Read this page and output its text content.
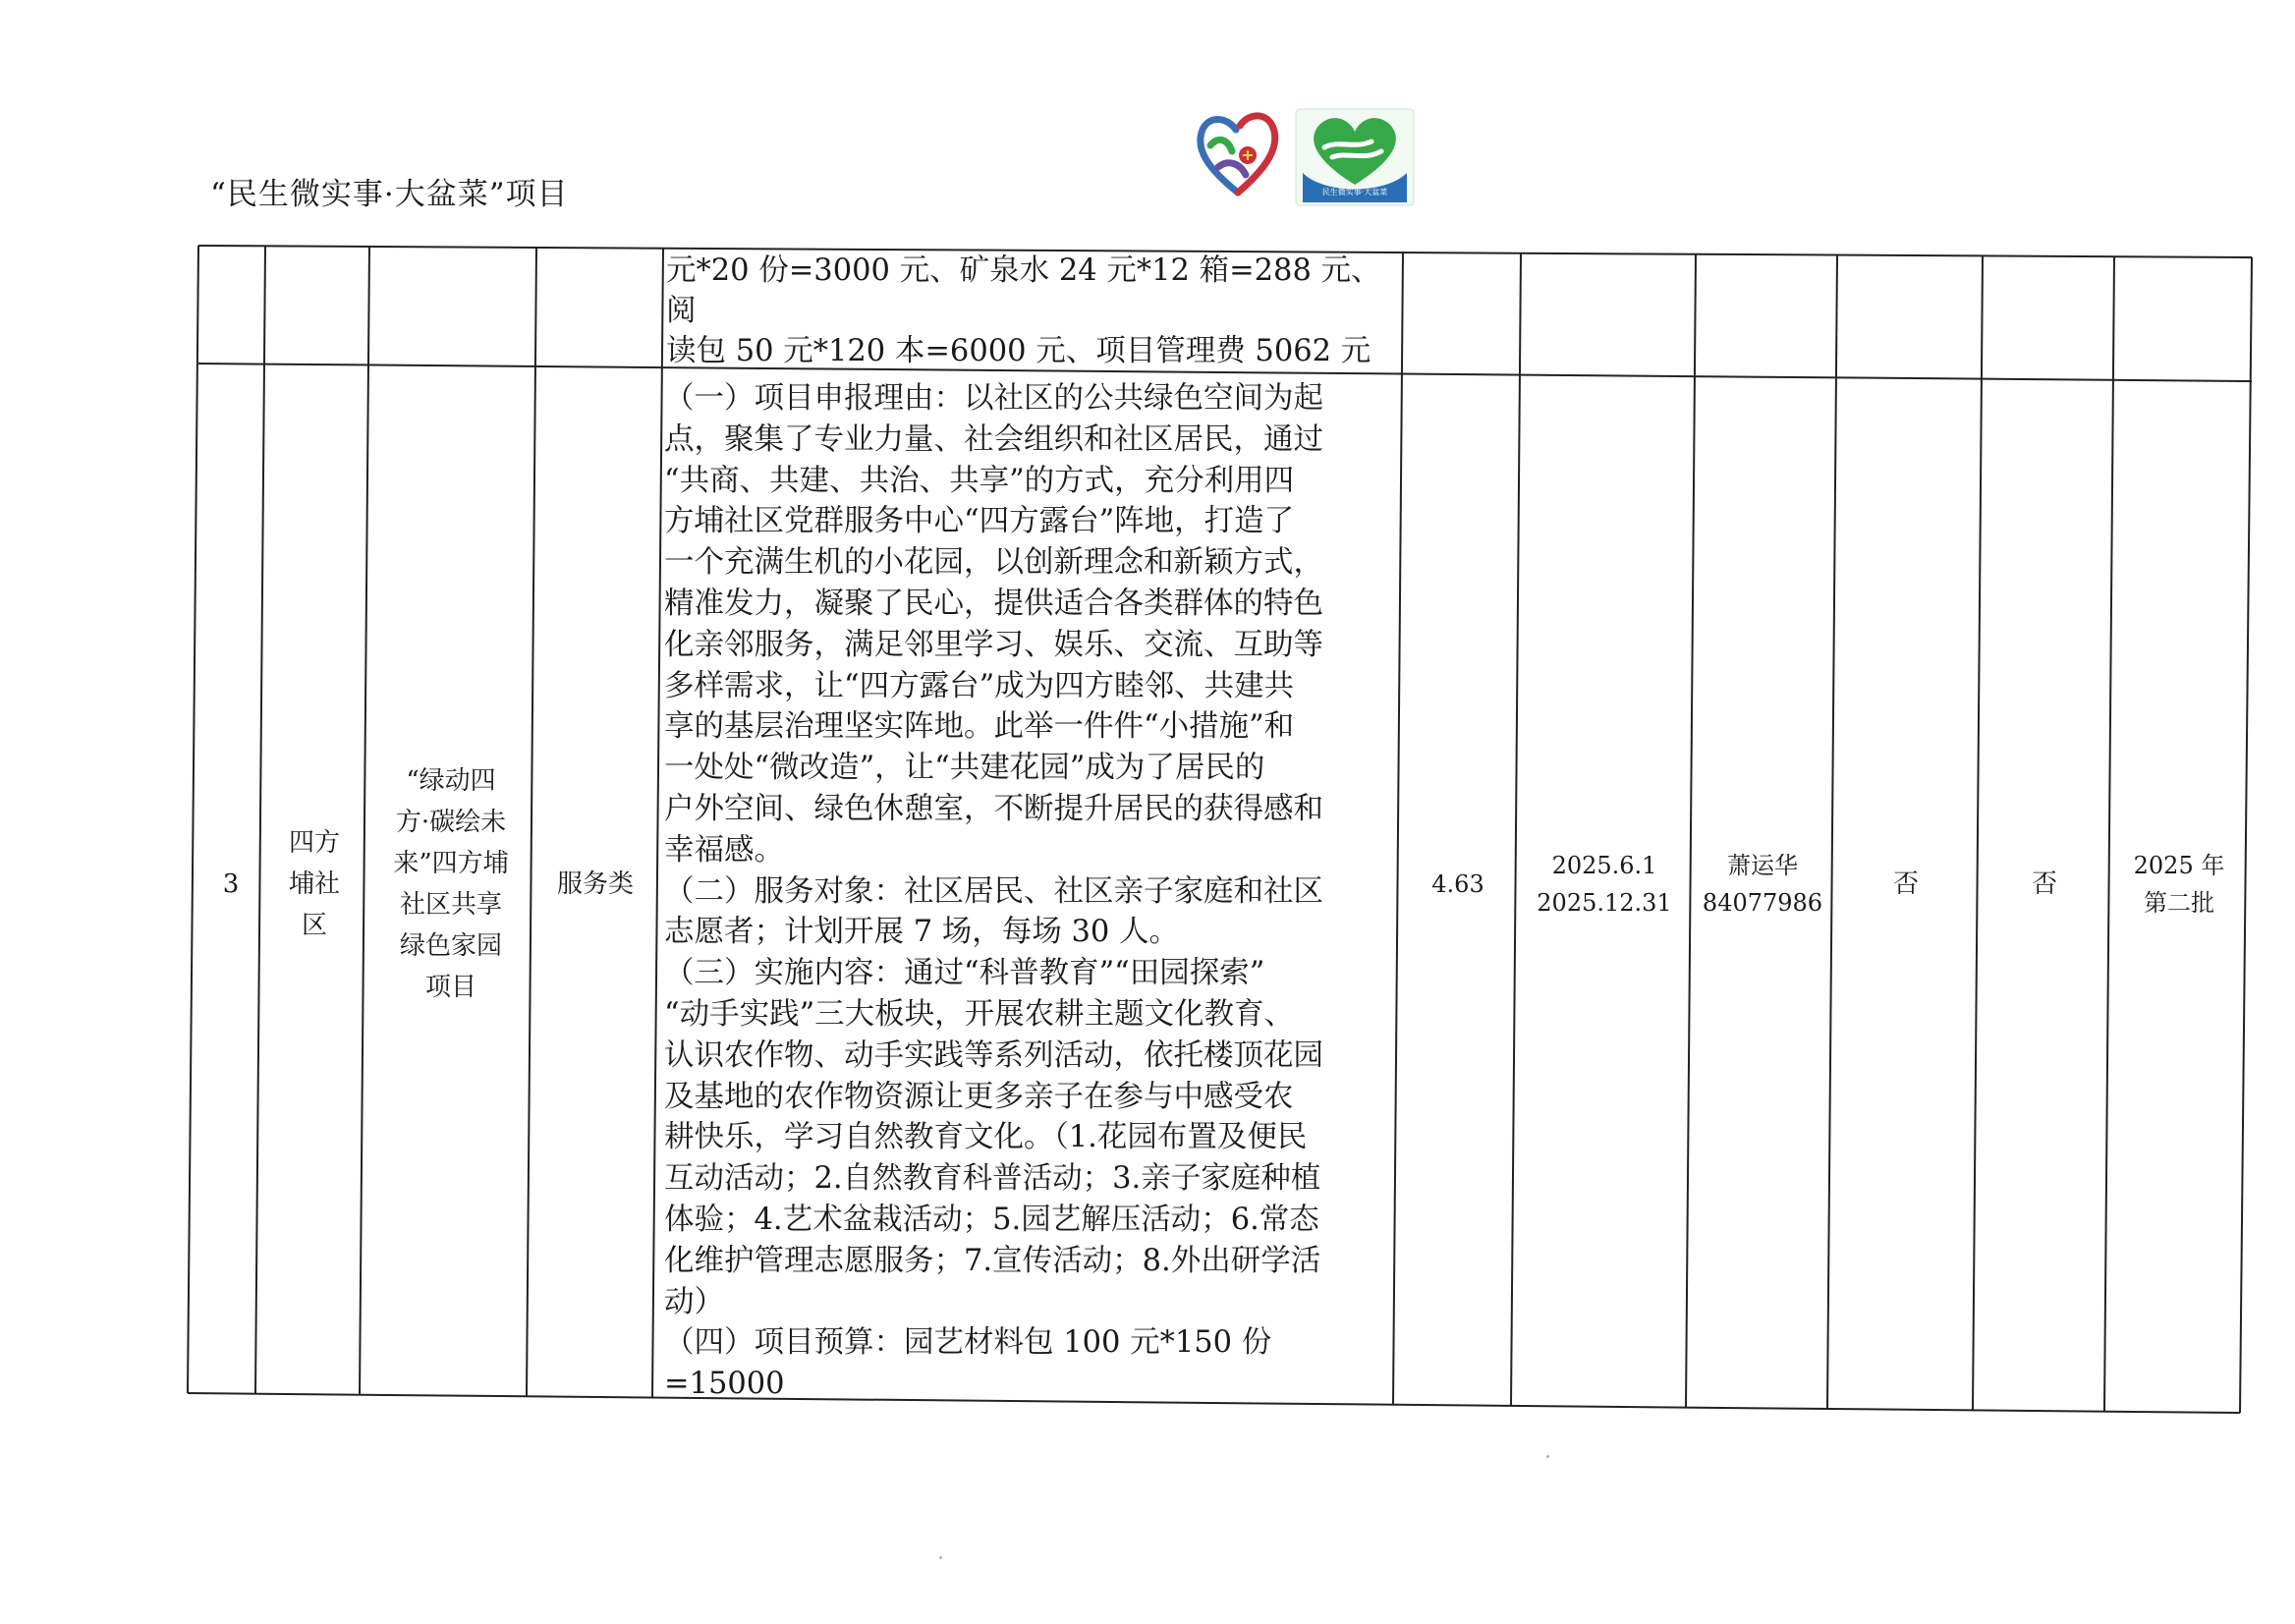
“民生微实事·大盆菜”项目	民生微实事·大盆菜
元*20 份=3000 元、矿泉水 24 元*12 箱=288 元、阅
读包 50 元*120 本=6000 元、项目管理费 5062 元

3
四方
埔社
区
“绿动四
方·碳绘未
来”四方埔
社区共享
绿色家园
项目
服务类
（一）项目申报理由：以社区的公共绿色空间为起
点，聚集了专业力量、社会组织和社区居民，通过
“共商、共建、共治、共享”的方式，充分利用四
方埔社区党群服务中心“四方露台”阵地，打造了
一个充满生机的小花园，以创新理念和新颖方式，
精准发力，凝聚了民心，提供适合各类群体的特色
化亲邻服务，满足邻里学习、娱乐、交流、互助等
多样需求，让“四方露台”成为四方睦邻、共建共
享的基层治理坚实阵地。此举一件件“小措施”和
一处处“微改造”，让“共建花园”成为了居民的
户外空间、绿色休憩室，不断提升居民的获得感和
幸福感。
（二）服务对象：社区居民、社区亲子家庭和社区
志愿者；计划开展 7 场，每场 30 人。
（三）实施内容：通过“科普教育”“田园探索”
“动手实践”三大板块，开展农耕主题文化教育、
认识农作物、动手实践等系列活动，依托楼顶花园
及基地的农作物资源让更多亲子在参与中感受农
耕快乐，学习自然教育文化。（1.花园布置及便民
互动活动；2.自然教育科普活动；3.亲子家庭种植
体验；4.艺术盆栽活动；5.园艺解压活动；6.常态
化维护管理志愿服务；7.宣传活动；8.外出研学活
动）
（四）项目预算：园艺材料包 100 元*150 份=15000

4.63
2025.6.1
2025.12.31
萧运华
84077986
否	否
2025 年
第二批
